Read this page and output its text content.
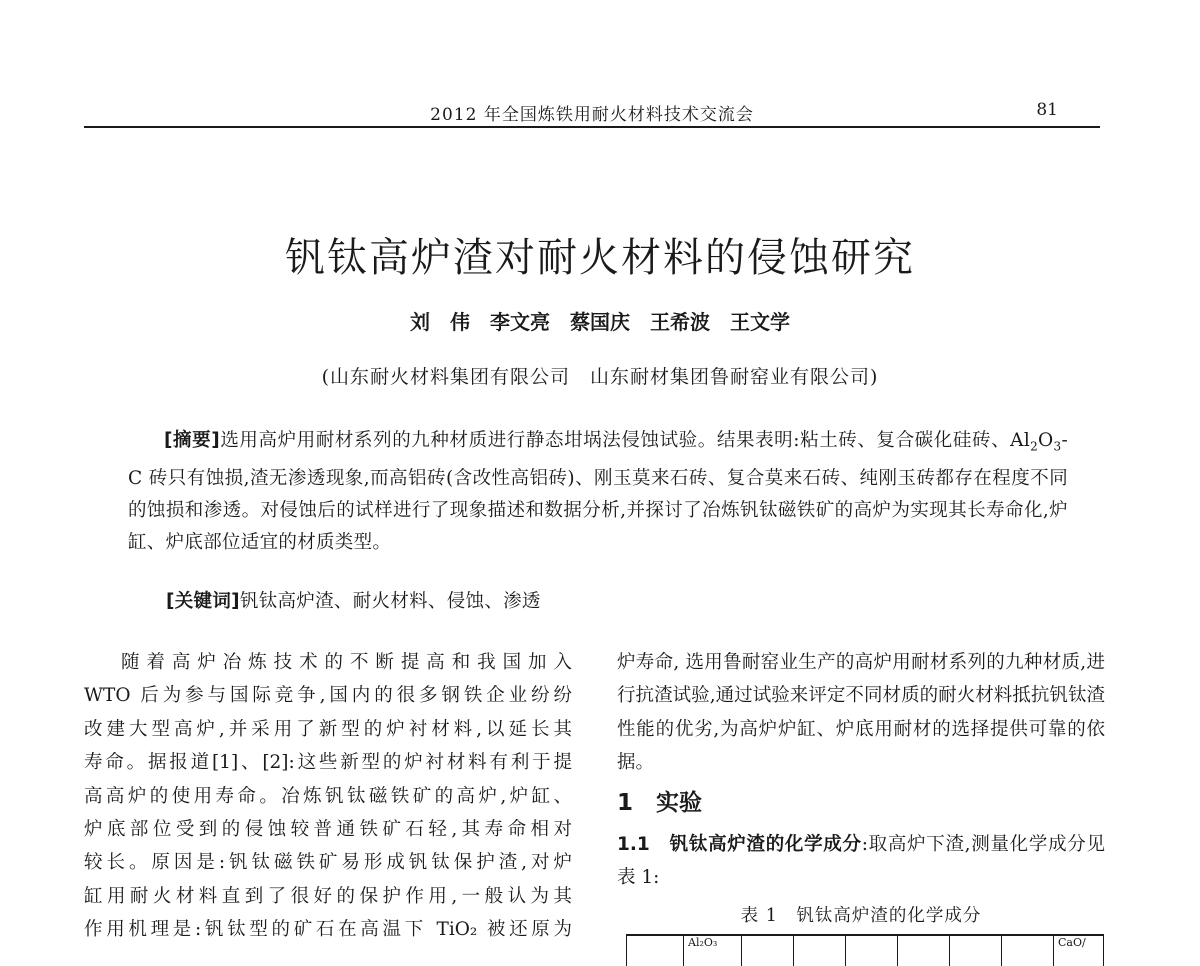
2012 年全国炼铁用耐火材料技术交流会	81
钒钛高炉渣对耐火材料的侵蚀研究
刘　伟　李文亮　蔡国庆　王希波　王文学
(山东耐火材料集团有限公司　山东耐材集团鲁耐窑业有限公司)
[摘要]选用高炉用耐材系列的九种材质进行静态坩埚法侵蚀试验。结果表明:粘土砖、复合碳化硅砖、$Al_2O_3-C$ 砖只有蚀损,渣无渗透现象,而高铝砖(含改性高铝砖)、刚玉莫来石砖、复合莫来石砖、纯刚玉砖都存在程度不同的蚀损和渗透。对侵蚀后的试样进行了现象描述和数据分析,并探讨了冶炼钒钛磁铁矿的高炉为实现其长寿命化,炉缸、炉底部位适宜的材质类型。
[关键词]钒钛高炉渣、耐火材料、侵蚀、渗透
随着高炉冶炼技术的不断提高和我国加入
WTO 后为参与国际竞争,国内的很多钢铁企业纷纷
改建大型高炉,并采用了新型的炉衬材料,以延长其
寿命。据报道[1]、[2]:这些新型的炉衬材料有利于提
高高炉的使用寿命。冶炼钒钛磁铁矿的高炉,炉缸、
炉底部位受到的侵蚀较普通铁矿石轻,其寿命相对
较长。原因是:钒钛磁铁矿易形成钒钛保护渣,对炉
缸用耐火材料直到了很好的保护作用,一般认为其
作用机理是:钒钛型的矿石在高温下 TiO₂ 被还原为

炉寿命, 选用鲁耐窑业生产的高炉用耐材系列的九种材质,进行抗渣试验,通过试验来评定不同材质的耐火材料抵抗钒钛渣性能的优劣,为高炉炉缸、炉底用耐材的选择提供可靠的依据。

1　实验
1.1　钒钛高炉渣的化学成分:取高炉下渣,测量化学成分见表 1:
表 1　钒钛高炉渣的化学成分
Al₂O₃	CaO/
